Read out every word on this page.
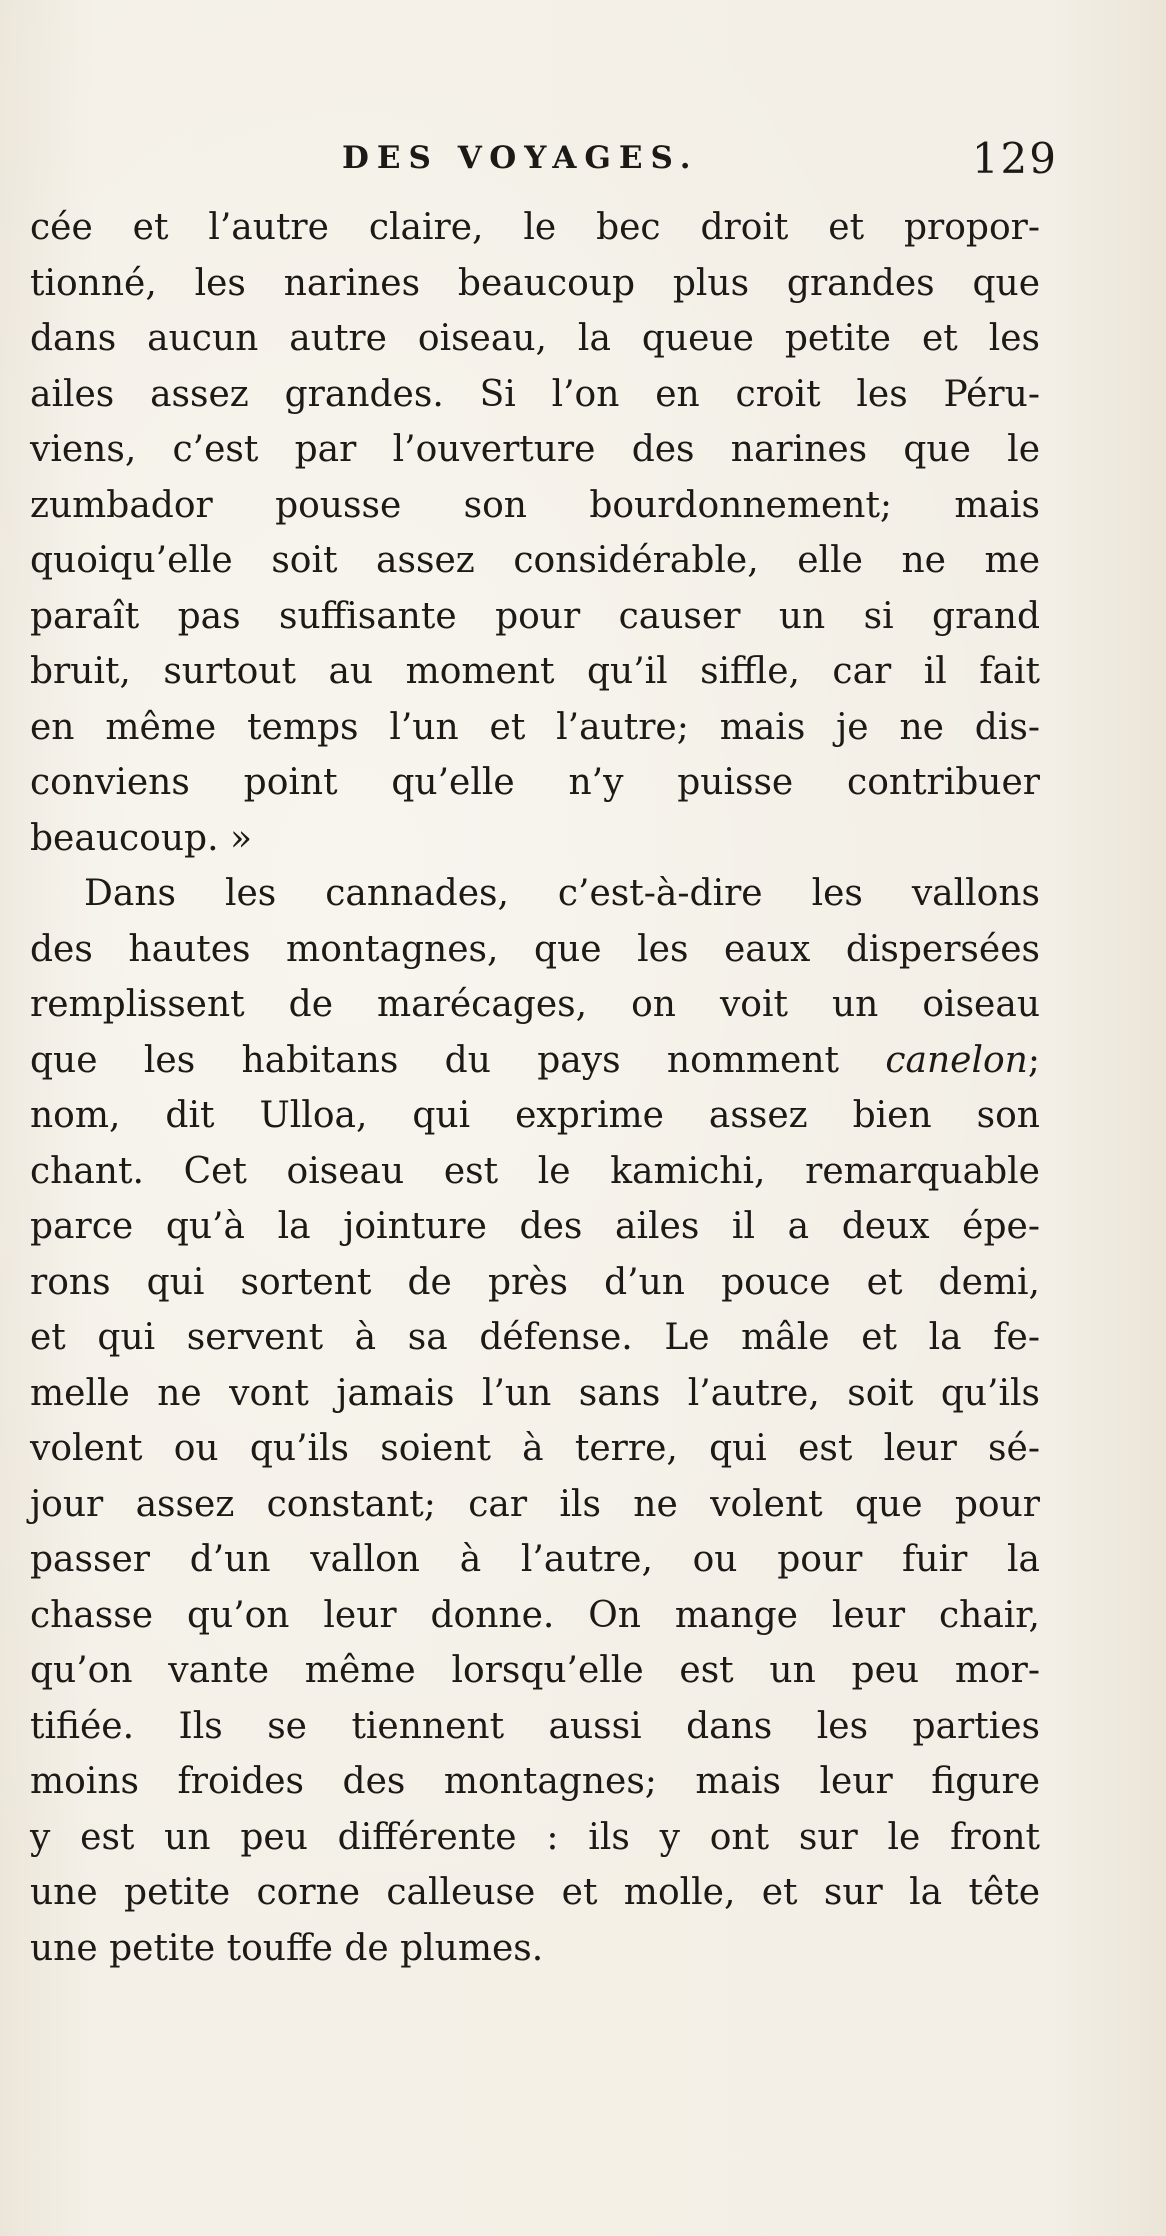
DES VOYAGES.	129
cée et l’autre claire, le bec droit et propor-
tionné, les narines beaucoup plus grandes que
dans aucun autre oiseau, la queue petite et les
ailes assez grandes. Si l’on en croit les Péru-
viens, c’est par l’ouverture des narines que le
zumbador pousse son bourdonnement; mais
quoiqu’elle soit assez considérable, elle ne me
paraît pas suffisante pour causer un si grand
bruit, surtout au moment qu’il siffle, car il fait
en même temps l’un et l’autre; mais je ne dis-
conviens point qu’elle n’y puisse contribuer
beaucoup. »
Dans les cannades, c’est-à-dire les vallons
des hautes montagnes, que les eaux dispersées
remplissent de marécages, on voit un oiseau
que les habitans du pays nomment canelon;
nom, dit Ulloa, qui exprime assez bien son
chant. Cet oiseau est le kamichi, remarquable
parce qu’à la jointure des ailes il a deux épe-
rons qui sortent de près d’un pouce et demi,
et qui servent à sa défense. Le mâle et la fe-
melle ne vont jamais l’un sans l’autre, soit qu’ils
volent ou qu’ils soient à terre, qui est leur sé-
jour assez constant; car ils ne volent que pour
passer d’un vallon à l’autre, ou pour fuir la
chasse qu’on leur donne. On mange leur chair,
qu’on vante même lorsqu’elle est un peu mor-
tifiée. Ils se tiennent aussi dans les parties
moins froides des montagnes; mais leur figure
y est un peu différente : ils y ont sur le front
une petite corne calleuse et molle, et sur la tête
une petite touffe de plumes.
